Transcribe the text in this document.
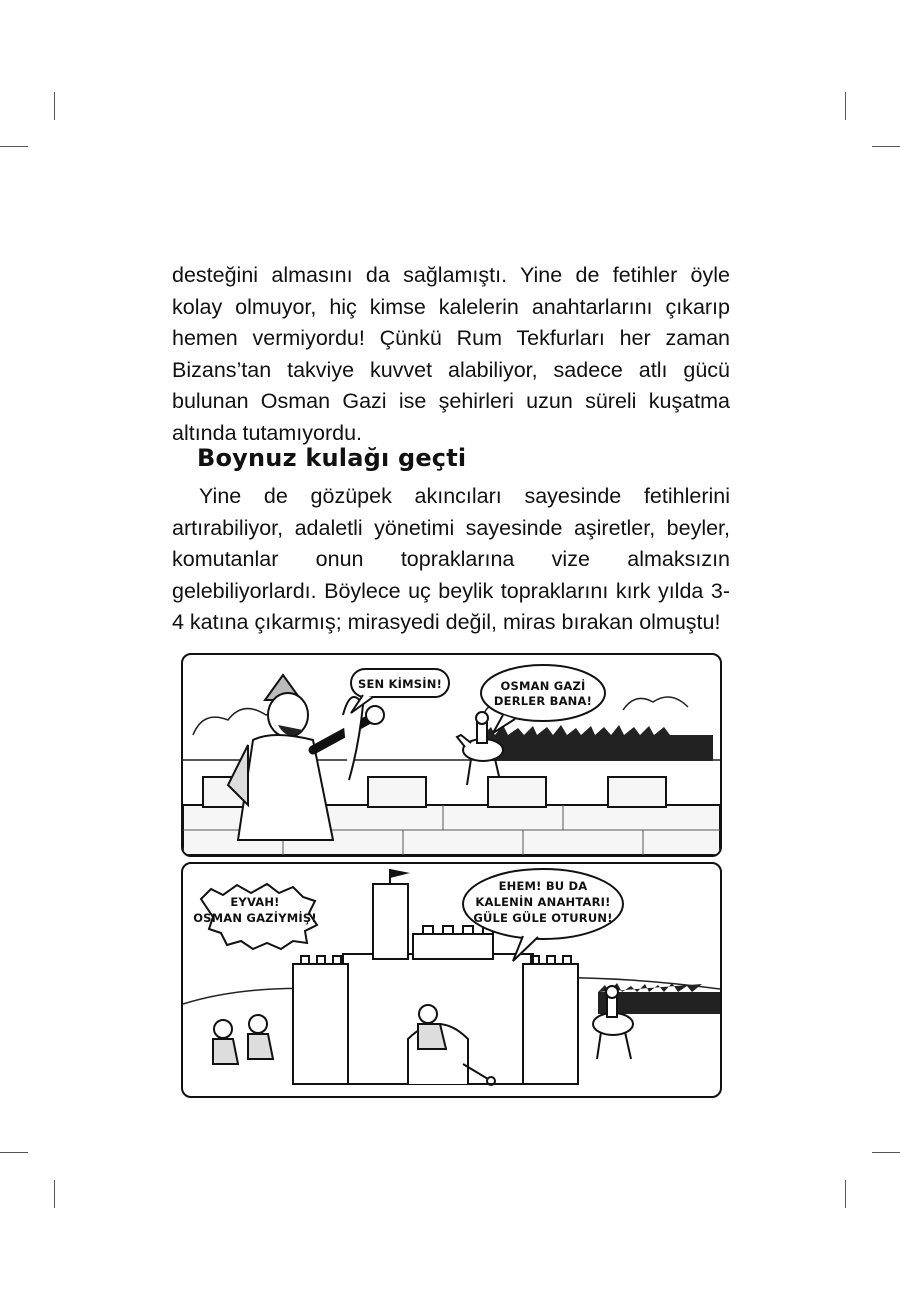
desteğini almasını da sağlamıştı. Yine de fetihler öyle kolay olmuyor, hiç kimse kalelerin anahtarlarını çıkarıp hemen vermiyordu! Çünkü Rum Tekfurları her zaman Bizans’tan takviye kuvvet alabiliyor, sadece atlı gücü bulunan Osman Gazi ise şehirleri uzun süreli kuşatma altında tutamıyordu.

Boynuz kulağı geçti

Yine de gözüpek akıncıları sayesinde fetihlerini artırabiliyor, adaletli yönetimi sayesinde aşiretler, beyler, komutanlar onun topraklarına vize almaksızın gelebiliyorlardı. Böylece uç beylik topraklarını kırk yılda 3-4 katına çıkarmış; mirasyedi değil, miras bırakan olmuştu!

SEN KİMSİN!	OSMAN GAZİ
DERLER BANA!
EYVAH!
OSMAN GAZİYMİŞ!
EHEM! BU DA
KALENİN ANAHTARI!
GÜLE GÜLE OTURUN!
